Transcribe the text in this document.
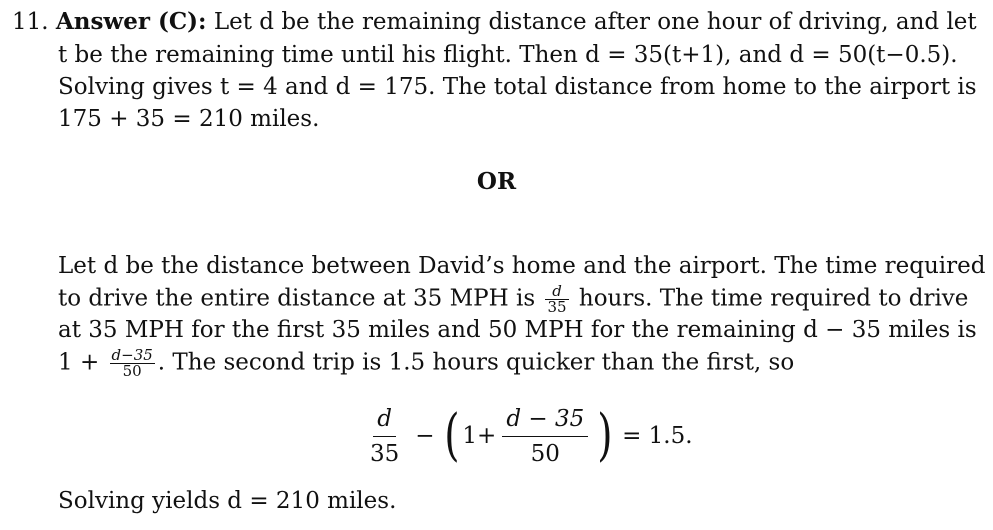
11. Answer (C): Let d be the remaining distance after one hour of driving, and let
t be the remaining time until his flight. Then d = 35(t+1), and d = 50(t−0.5).
Solving gives t = 4 and d = 175. The total distance from home to the airport is
175 + 35 = 210 miles.
OR
Let d be the distance between David’s home and the airport. The time required
to drive the entire distance at 35 MPH is $\frac{d}{35}$ hours. The time required to drive
at 35 MPH for the first 35 miles and 50 MPH for the remaining d − 35 miles is
$1 + \frac{d-35}{50}$ . The second trip is 1.5 hours quicker than the first, so
$\frac{d}{35}$ − ( $1+ \frac{d - 35}{50}$ ) = 1.5.
Solving yields d = 210 miles.
